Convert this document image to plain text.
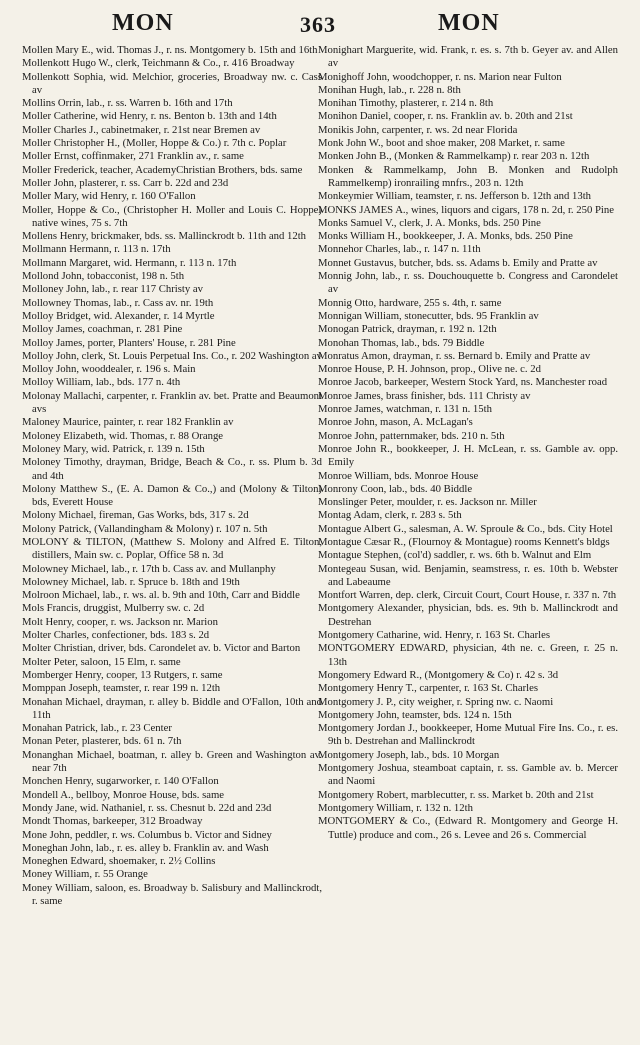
MON	363	MON

Mollen Mary E., wid. Thomas J., r. ns. Montgomery b. 15th and 16th

Mollenkott Hugo W., clerk, Teichmann & Co., r. 416 Broadway

Mollenkott Sophia, wid. Melchior, groceries, Broadway nw. c. Cass av

Mollins Orrin, lab., r. ss. Warren b. 16th and 17th

Moller Catherine, wid Henry, r. ns. Benton b. 13th and 14th

Moller Charles J., cabinetmaker, r. 21st near Bremen av

Moller Christopher H., (Moller, Hoppe & Co.) r. 7th c. Poplar

Moller Ernst, coffinmaker, 271 Franklin av., r. same

Moller Frederick, teacher, AcademyChristian Brothers, bds. same

Moller John, plasterer, r. ss. Carr b. 22d and 23d

Moller Mary, wid Henry, r. 160 O'Fallon

Moller, Hoppe & Co., (Christopher H. Moller and Louis C. Hoppe) native wines, 75 s. 7th

Mollens Henry, brickmaker, bds. ss. Mallinckrodt b. 11th and 12th

Mollmann Hermann, r. 113 n. 17th

Mollmann Margaret, wid. Hermann, r. 113 n. 17th

Mollond John, tobacconist, 198 n. 5th

Molloney John, lab., r. rear 117 Christy av

Mollowney Thomas, lab., r. Cass av. nr. 19th

Molloy Bridget, wid. Alexander, r. 14 Myrtle

Molloy James, coachman, r. 281 Pine

Molloy James, porter, Planters' House, r. 281 Pine

Molloy John, clerk, St. Louis Perpetual Ins. Co., r. 202 Washington av

Molloy John, wooddealer, r. 196 s. Main

Molloy William, lab., bds. 177 n. 4th

Molonay Mallachi, carpenter, r. Franklin av. bet. Pratte and Beaumont avs

Maloney Maurice, painter, r. rear 182 Franklin av

Moloney Elizabeth, wid. Thomas, r. 88 Orange

Moloney Mary, wid. Patrick, r. 139 n. 15th

Moloney Timothy, drayman, Bridge, Beach & Co., r. ss. Plum b. 3d and 4th

Molony Matthew S., (E. A. Damon & Co.,) and (Molony & Tilton) bds, Everett House

Molony Michael, fireman, Gas Works, bds, 317 s. 2d

Molony Patrick, (Vallandingham & Molony) r. 107 n. 5th

MOLONY & TILTON, (Matthew S. Molony and Alfred E. Tilton, distillers, Main sw. c. Poplar, Office 58 n. 3d

Molowney Michael, lab., r. 17th b. Cass av. and Mullanphy

Molowney Michael, lab. r. Spruce b. 18th and 19th

Molroon Michael, lab., r. ws. al. b. 9th and 10th, Carr and Biddle

Mols Francis, druggist, Mulberry sw. c. 2d

Molt Henry, cooper, r. ws. Jackson nr. Marion

Molter Charles, confectioner, bds. 183 s. 2d

Molter Christian, driver, bds. Carondelet av. b. Victor and Barton

Molter Peter, saloon, 15 Elm, r. same

Momberger Henry, cooper, 13 Rutgers, r. same

Momppan Joseph, teamster, r. rear 199 n. 12th

Monahan Michael, drayman, r. alley b. Biddle and O'Fallon, 10th and 11th

Monahan Patrick, lab., r. 23 Center

Monan Peter, plasterer, bds. 61 n. 7th

Monanghan Michael, boatman, r. alley b. Green and Washington av. near 7th

Monchen Henry, sugarworker, r. 140 O'Fallon

Mondell A., bellboy, Monroe House, bds. same

Mondy Jane, wid. Nathaniel, r. ss. Chesnut b. 22d and 23d

Mondt Thomas, barkeeper, 312 Broadway

Mone John, peddler, r. ws. Columbus b. Victor and Sidney

Moneghan John, lab., r. es. alley b. Franklin av. and Wash

Moneghen Edward, shoemaker, r. 2½ Collins

Money William, r. 55 Orange

Money William, saloon, es. Broadway b. Salisbury and Mallinckrodt, r. same

Monighart Marguerite, wid. Frank, r. es. s. 7th b. Geyer av. and Allen av

Monighoff John, woodchopper, r. ns. Marion near Fulton

Monihan Hugh, lab., r. 228 n. 8th

Monihan Timothy, plasterer, r. 214 n. 8th

Monihon Daniel, cooper, r. ns. Franklin av. b. 20th and 21st

Monikis John, carpenter, r. ws. 2d near Florida

Monk John W., boot and shoe maker, 208 Market, r. same

Monken John B., (Monken & Rammelkamp) r. rear 203 n. 12th

Monken & Rammelkamp, John B. Monken and Rudolph Rammelkemp) ironrailing mnfrs., 203 n. 12th

Monkeymier William, teamster, r. ns. Jefferson b. 12th and 13th

MONKS JAMES A., wines, liquors and cigars, 178 n. 2d, r. 250 Pine

Monks Samuel V., clerk, J. A. Monks, bds. 250 Pine

Monks William H., bookkeeper, J. A. Monks, bds. 250 Pine

Monnehor Charles, lab., r. 147 n. 11th

Monnet Gustavus, butcher, bds. ss. Adams b. Emily and Pratte av

Monnig John, lab., r. ss. Douchouquette b. Congress and Carondelet av

Monnig Otto, hardware, 255 s. 4th, r. same

Monnigan William, stonecutter, bds. 95 Franklin av

Monogan Patrick, drayman, r. 192 n. 12th

Monohan Thomas, lab., bds. 79 Biddle

Monratus Amon, drayman, r. ss. Bernard b. Emily and Pratte av

Monroe House, P. H. Johnson, prop., Olive ne. c. 2d

Monroe Jacob, barkeeper, Western Stock Yard, ns. Manchester road

Monroe James, brass finisher, bds. 111 Christy av

Monroe James, watchman, r. 131 n. 15th

Monroe John, mason, A. McLagan's

Monroe John, patternmaker, bds. 210 n. 5th

Monroe John R., bookkeeper, J. H. McLean, r. ss. Gamble av. opp. Emily

Monroe William, bds. Monroe House

Monrony Coon, lab., bds. 40 Biddle

Monslinger Peter, moulder, r. es. Jackson nr. Miller

Montag Adam, clerk, r. 283 s. 5th

Montague Albert G., salesman, A. W. Sproule & Co., bds. City Hotel

Montague Cæsar R., (Flournoy & Montague) rooms Kennett's bldgs

Montague Stephen, (col'd) saddler, r. ws. 6th b. Walnut and Elm

Montegeau Susan, wid. Benjamin, seamstress, r. es. 10th b. Webster and Labeaume

Montfort Warren, dep. clerk, Circuit Court, Court House, r. 337 n. 7th

Montgomery Alexander, physician, bds. es. 9th b. Mallinckrodt and Destrehan

Montgomery Catharine, wid. Henry, r. 163 St. Charles

MONTGOMERY EDWARD, physician, 4th ne. c. Green, r. 25 n. 13th

Mongomery Edward R., (Montgomery & Co) r. 42 s. 3d

Montgomery Henry T., carpenter, r. 163 St. Charles

Montgomery J. P., city weigher, r. Spring nw. c. Naomi

Montgomery John, teamster, bds. 124 n. 15th

Montgomery Jordan J., bookkeeper, Home Mutual Fire Ins. Co., r. es. 9th b. Destrehan and Mallinckrodt

Montgomery Joseph, lab., bds. 10 Morgan

Montgomery Joshua, steamboat captain, r. ss. Gamble av. b. Mercer and Naomi

Montgomery Robert, marblecutter, r. ss. Market b. 20th and 21st

Montgomery William, r. 132 n. 12th

MONTGOMERY & Co., (Edward R. Montgomery and George H. Tuttle) produce and com., 26 s. Levee and 26 s. Commercial
